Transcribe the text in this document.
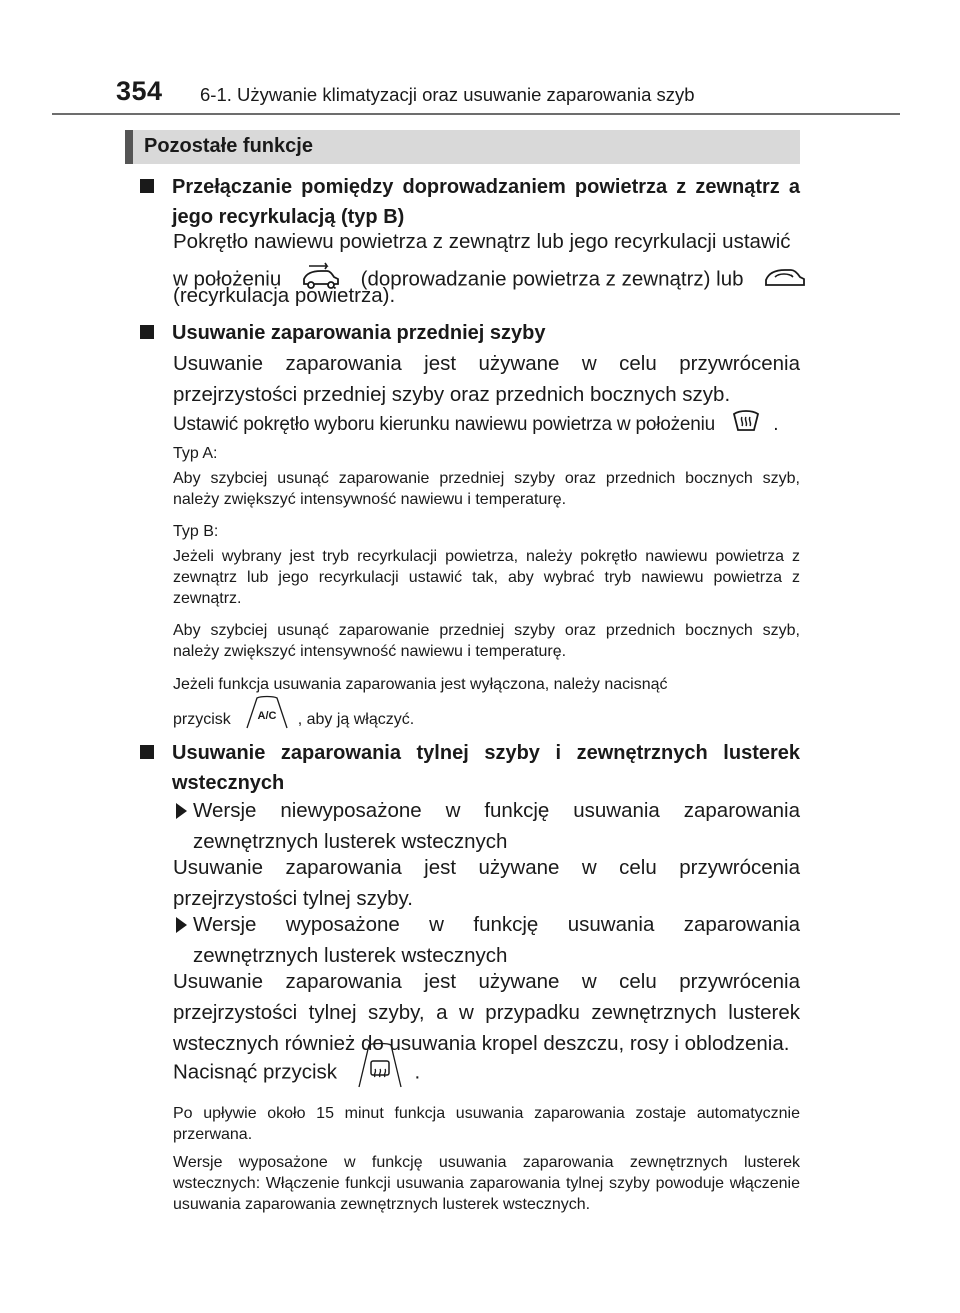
354 6-1. Używanie klimatyzacji oraz usuwanie zaparowania szyb
Pozostałe funkcje
Przełączanie pomiędzy doprowadzaniem powietrza z zewnątrz a jego recyrkulacją (typ B)
Pokrętło nawiewu powietrza z zewnątrz lub jego recyrkulacji ustawić
w położeniu	(doprowadzanie powietrza z zewnątrz) lub
(recyrkulacja powietrza).
Usuwanie zaparowania przedniej szyby
Usuwanie zaparowania jest używane w celu przywrócenia przejrzystości przedniej szyby oraz przednich bocznych szyb.
Ustawić pokrętło wyboru kierunku nawiewu powietrza w położeniu	.
Typ A:
Aby szybciej usunąć zaparowanie przedniej szyby oraz przednich bocznych szyb, należy zwiększyć intensywność nawiewu i temperaturę.
Typ B:
Jeżeli wybrany jest tryb recyrkulacji powietrza, należy pokrętło nawiewu powietrza z zewnątrz lub jego recyrkulacji ustawić tak, aby wybrać tryb nawiewu powietrza z zewnątrz.
Aby szybciej usunąć zaparowanie przedniej szyby oraz przednich bocznych szyb, należy zwiększyć intensywność nawiewu i temperaturę.
Jeżeli funkcja usuwania zaparowania jest wyłączona, należy nacisnąć
przycisk A/C , aby ją włączyć.
Usuwanie zaparowania tylnej szyby i zewnętrznych lusterek wstecznych
Wersje niewyposażone w funkcję usuwania zaparowania zewnętrznych lusterek wstecznych
Usuwanie zaparowania jest używane w celu przywrócenia przejrzystości tylnej szyby.
Wersje wyposażone w funkcję usuwania zaparowania zewnętrznych lusterek wstecznych
Usuwanie zaparowania jest używane w celu przywrócenia przejrzystości tylnej szyby, a w przypadku zewnętrznych lusterek wstecznych również do usuwania kropel deszczu, rosy i oblodzenia.
Nacisnąć przycisk	.
Po upływie około 15 minut funkcja usuwania zaparowania zostaje automatycznie przerwana.
Wersje wyposażone w funkcję usuwania zaparowania zewnętrznych lusterek wstecznych: Włączenie funkcji usuwania zaparowania tylnej szyby powoduje włączenie usuwania zaparowania zewnętrznych lusterek wstecznych.
